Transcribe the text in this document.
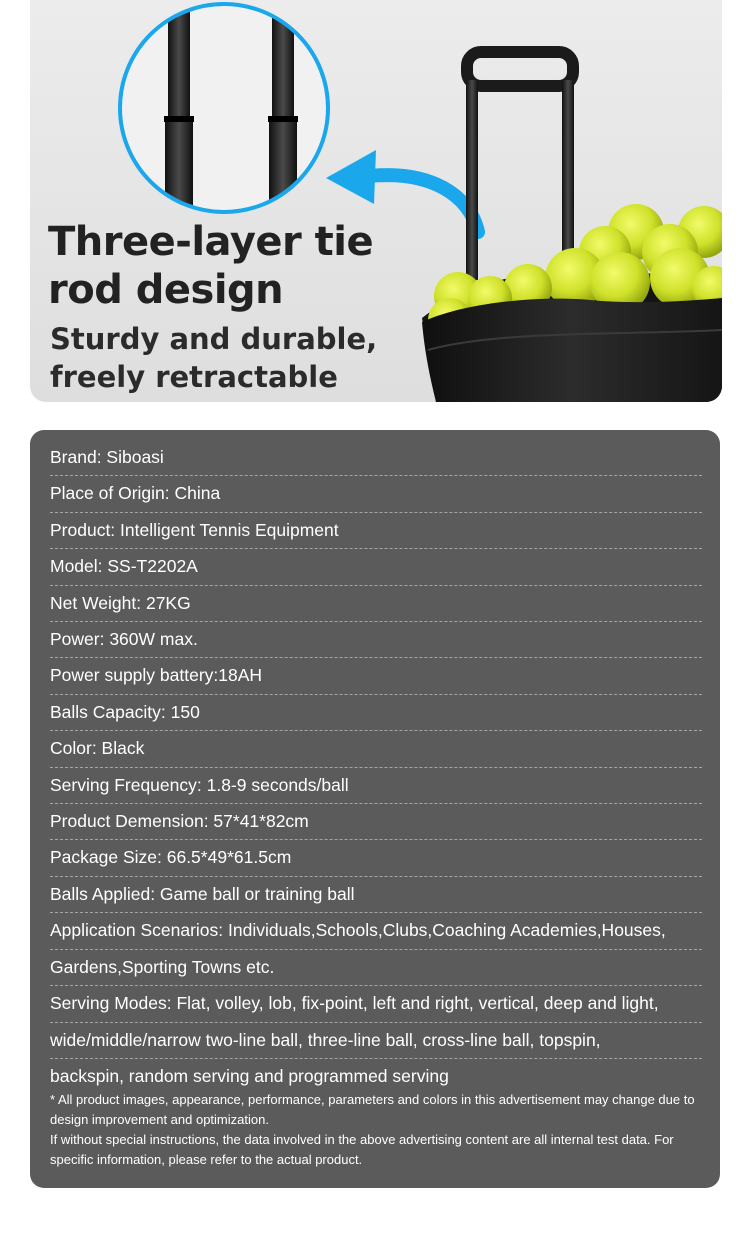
Three-layer tie
rod design
Sturdy and durable,
freely retractable
Brand: Siboasi
Place of Origin: China
Product: Intelligent Tennis Equipment
Model: SS-T2202A
Net Weight: 27KG
Power: 360W max.
Power supply battery:18AH
Balls Capacity: 150
Color: Black
Serving Frequency: 1.8-9 seconds/ball
Product Demension: 57*41*82cm
Package Size: 66.5*49*61.5cm
Balls Applied: Game ball or training ball
Application Scenarios: Individuals,Schools,Clubs,Coaching Academies,Houses,
Gardens,Sporting Towns etc.
Serving Modes: Flat, volley, lob, fix-point, left and right, vertical, deep and light,
wide/middle/narrow two-line ball, three-line ball, cross-line ball, topspin,
backspin, random serving and programmed serving

* All product images, appearance, performance, parameters and colors in this advertisement may change due to design improvement and optimization.

If without special instructions, the data involved in the above advertising content are all internal test data. For specific information, please refer to the actual product.
